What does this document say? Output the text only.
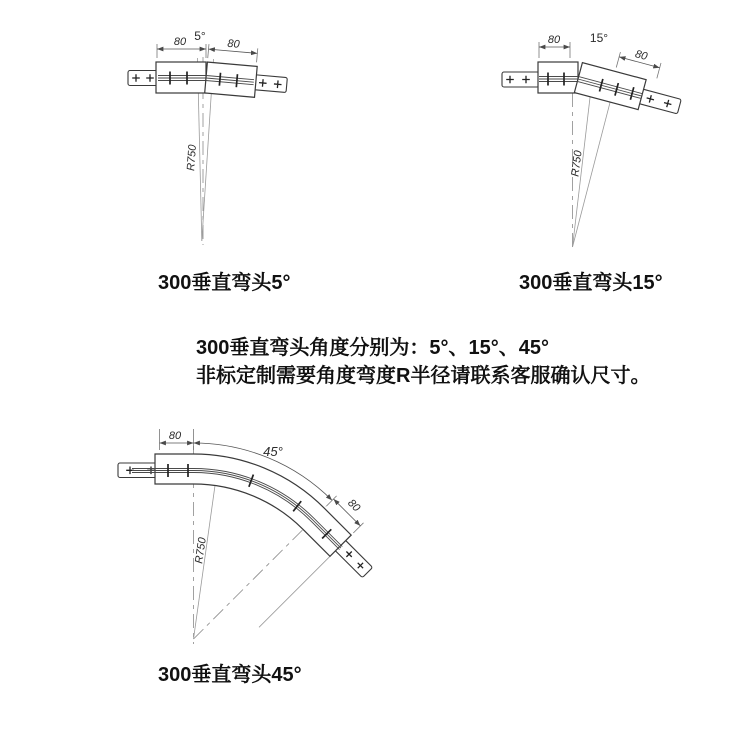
80
80 5°
R750
80
80 15°
R750
80
45°
80
R750
300垂直弯头5°	300垂直弯头15°
300垂直弯头45°
300垂直弯头角度分别为：5°、15°、45°
非标定制需要角度弯度R半径请联系客服确认尺寸。
